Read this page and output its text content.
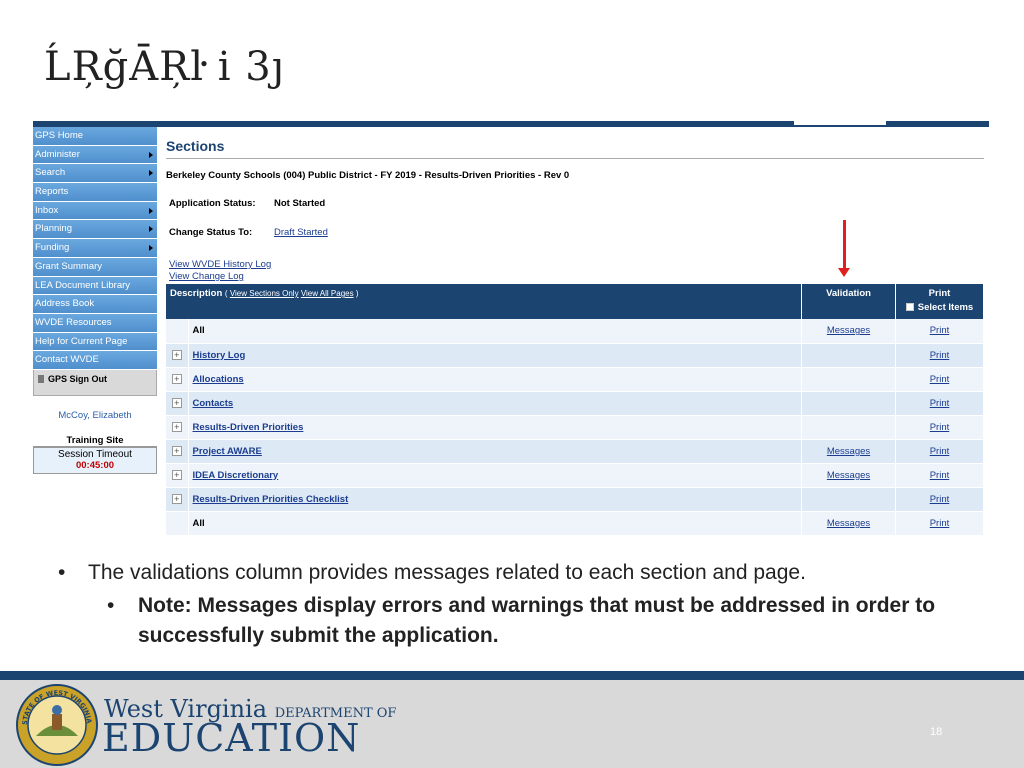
ĹŖğĀŖŀ i 3ȷ
GPS Home
Administer
Search
Reports
Inbox
Planning
Funding
Grant Summary
LEA Document Library
Address Book
WVDE Resources
Help for Current Page
Contact WVDE
GPS Sign Out
McCoy, Elizabeth
Training Site
Session Timeout
00:45:00
Sections
Berkeley County Schools (004) Public District - FY 2019 - Results-Driven Priorities - Rev 0
Application Status: Not Started
Change Status To: Draft Started
View WVDE History Log
View Change Log
Description ( View Sections Only View All Pages )		Validation	Print
Select Items

	All	Messages	Print
+	History Log		Print
+	Allocations		Print
+	Contacts		Print
+	Results-Driven Priorities		Print
+	Project AWARE	Messages	Print
+	IDEA Discretionary	Messages	Print
+	Results-Driven Priorities Checklist		Print
	All	Messages	Print
• The validations column provides messages related to each section and page.
•	Note: Messages display errors and warnings that must be addressed in order to successfully submit the application.
STATE OF WEST VIRGINIA West Virginia DEPARTMENT OF
EDUCATION	18
